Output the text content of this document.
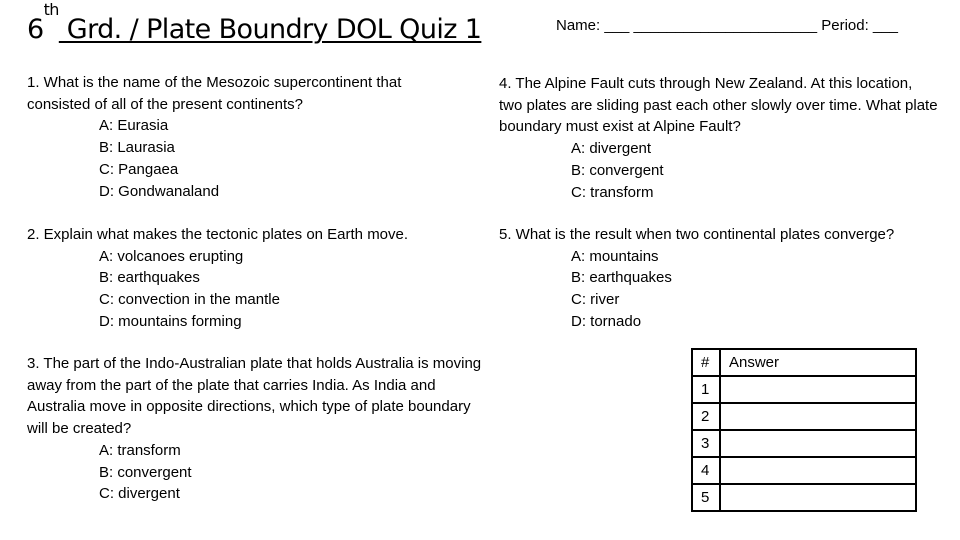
6th Grd. / Plate Boundry DOL Quiz 1	Name: ___ ______________________ Period: ___
1. What is the name of the Mesozoic supercontinent that consisted of all of the present continents?
A: Eurasia
B: Laurasia
C: Pangaea
D: Gondwanaland
2. Explain what makes the tectonic plates on Earth move.
A: volcanoes erupting
B: earthquakes
C: convection in the mantle
D: mountains forming
3. The part of the Indo-Australian plate that holds Australia is moving away from the part of the plate that carries India. As India and Australia move in opposite directions, which type of plate boundary will be created?
A: transform
B: convergent
C: divergent
4. The Alpine Fault cuts through New Zealand. At this location, two plates are sliding past each other slowly over time. What plate boundary must exist at Alpine Fault?
A: divergent
B: convergent
C: transform
5. What is the result when two continental plates converge?
A: mountains
B: earthquakes
C: river
D: tornado
#	Answer
1	
2	
3	
4	
5	
